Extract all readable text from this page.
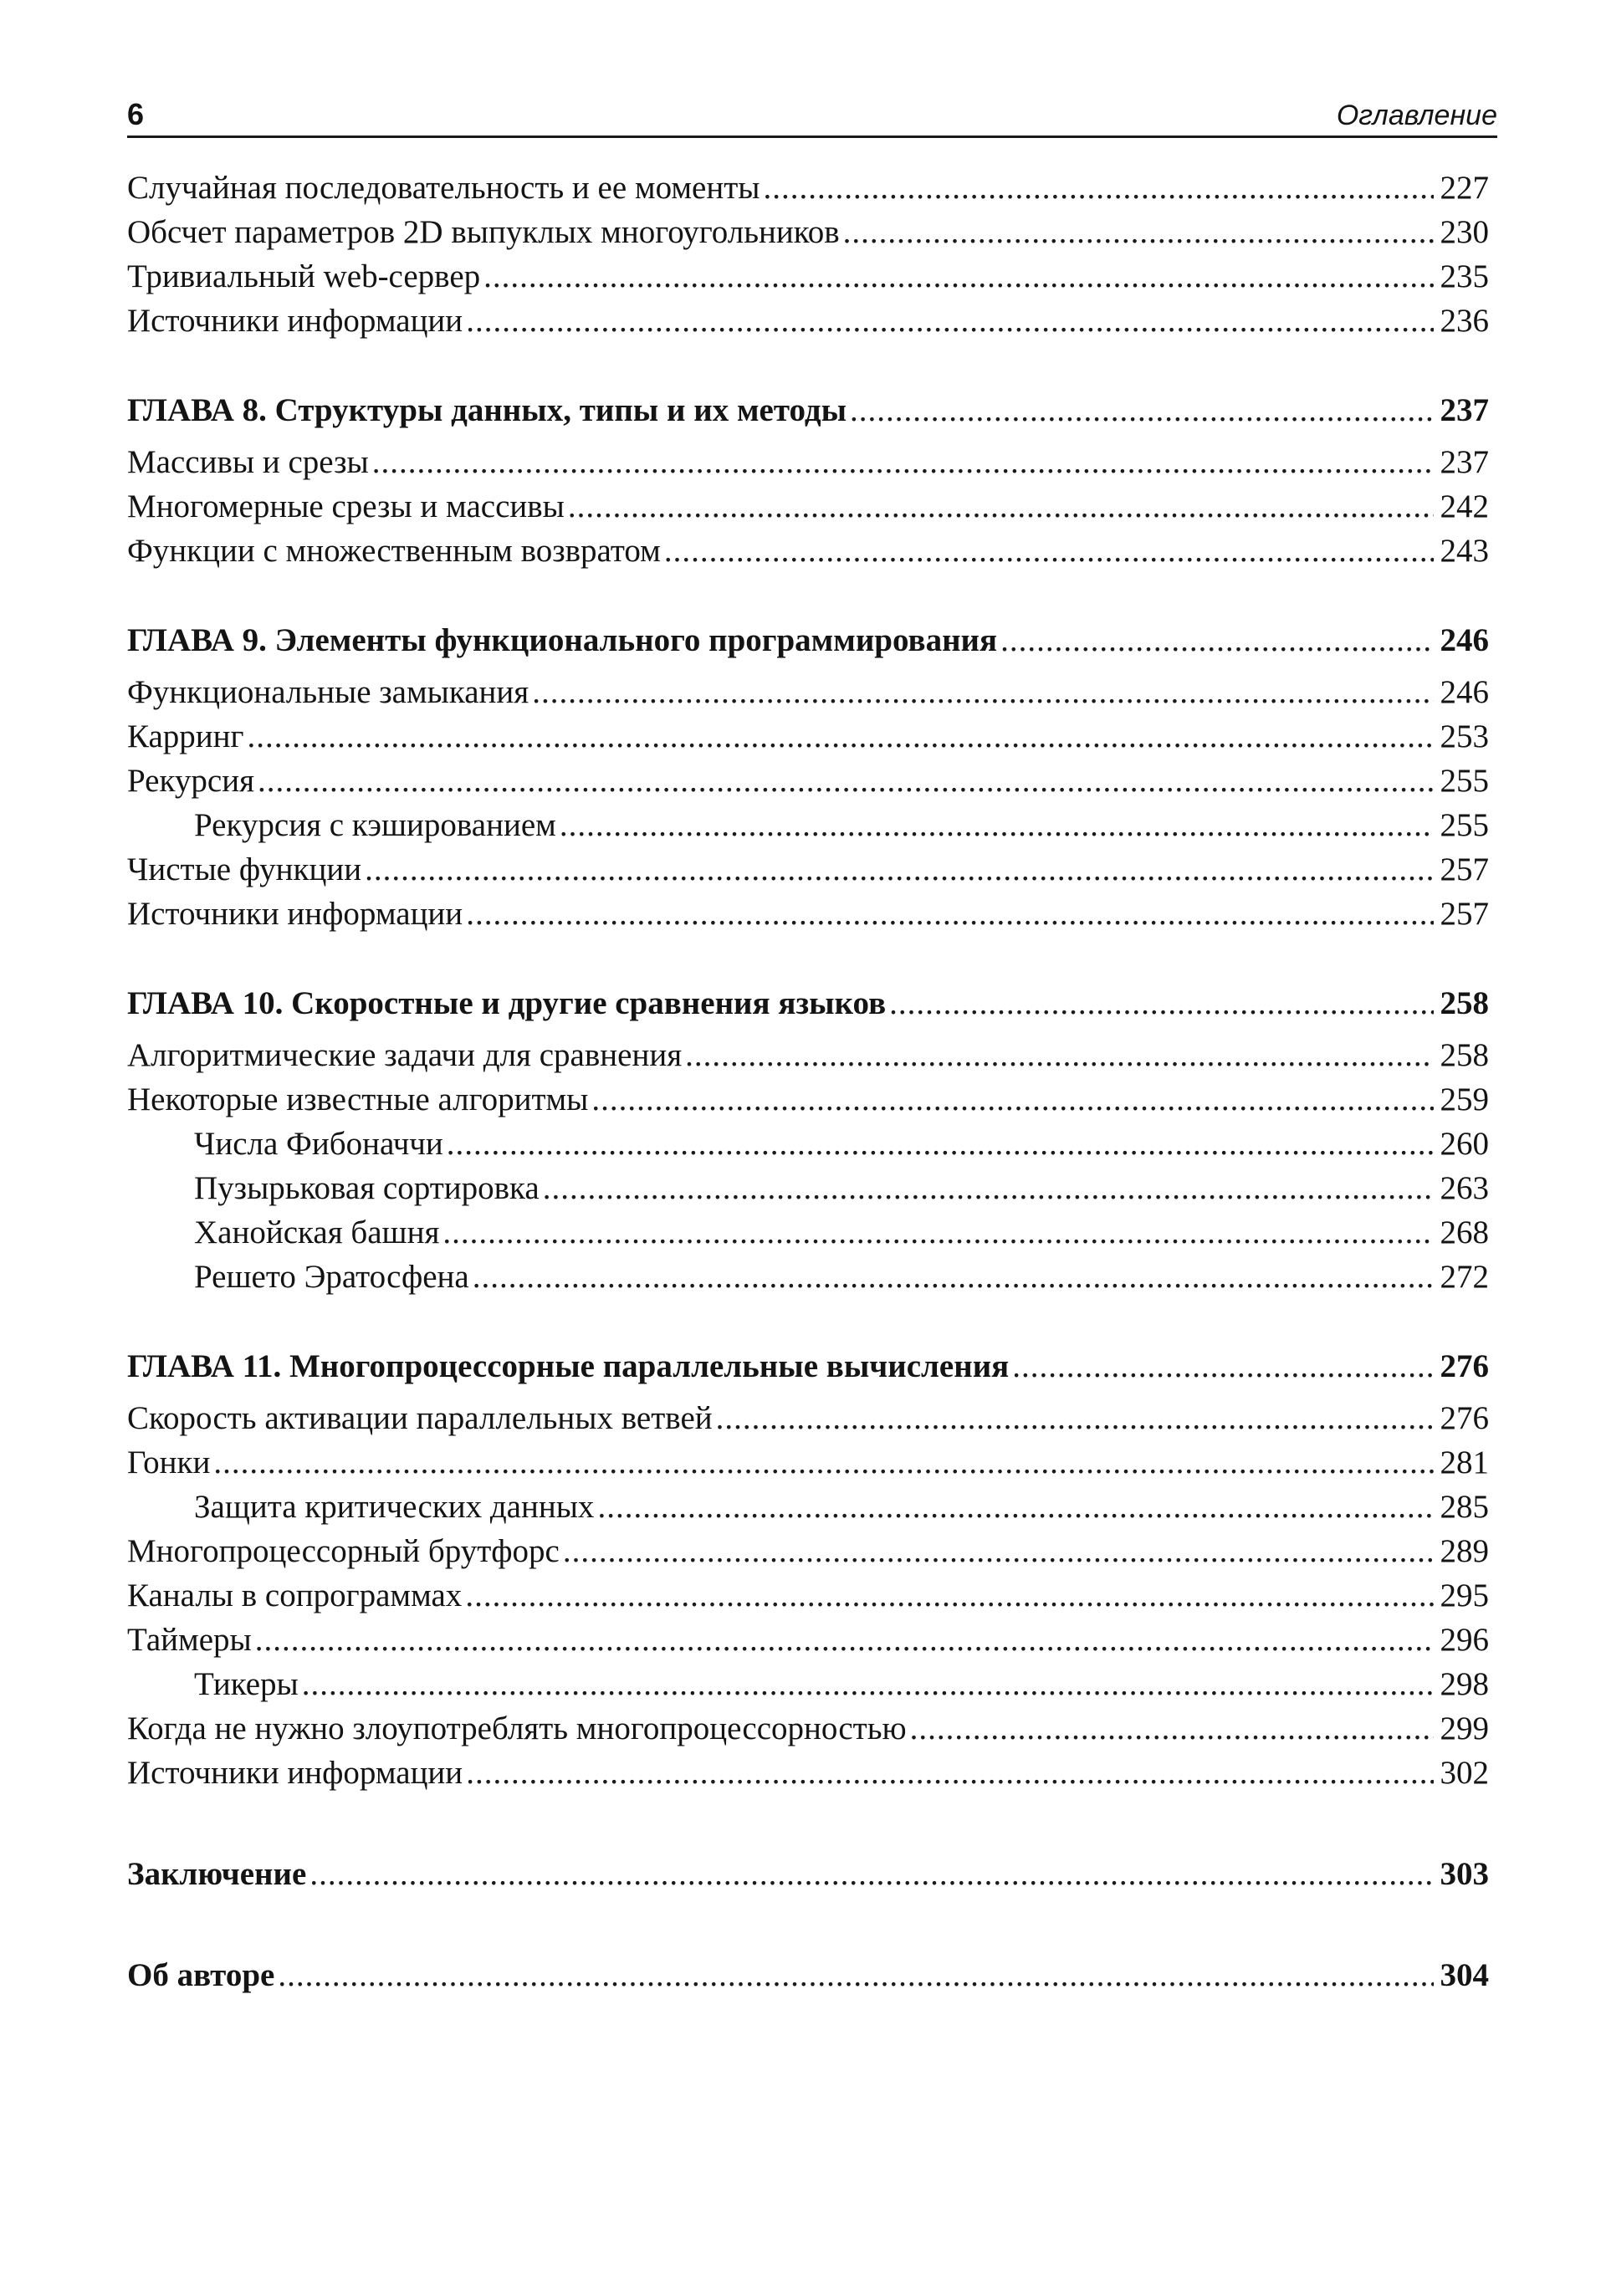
6	Оглавление
Случайная последовательность и ее моменты .....	227
Обсчет параметров 2D выпуклых многоугольников .....	230
Тривиальный web-сервер .....	235
Источники информации .....	236
ГЛАВА 8. Структуры данных, типы и их методы .....	237
Массивы и срезы .....	237
Многомерные срезы и массивы .....	242
Функции с множественным возвратом .....	243
ГЛАВА 9. Элементы функционального программирования .....	246
Функциональные замыкания .....	246
Карринг .....	253
Рекурсия .....	255
Рекурсия с кэшированием .....	255
Чистые функции .....	257
Источники информации .....	257
ГЛАВА 10. Скоростные и другие сравнения языков .....	258
Алгоритмические задачи для сравнения .....	258
Некоторые известные алгоритмы .....	259
Числа Фибоначчи .....	260
Пузырьковая сортировка .....	263
Ханойская башня .....	268
Решето Эратосфена .....	272
ГЛАВА 11. Многопроцессорные параллельные вычисления .....	276
Скорость активации параллельных ветвей .....	276
Гонки .....	281
Защита критических данных .....	285
Многопроцессорный брутфорс .....	289
Каналы в сопрограммах .....	295
Таймеры .....	296
Тикеры .....	298
Когда не нужно злоупотреблять многопроцессорностью .....	299
Источники информации .....	302
Заключение .....	303
Об авторе .....	304
